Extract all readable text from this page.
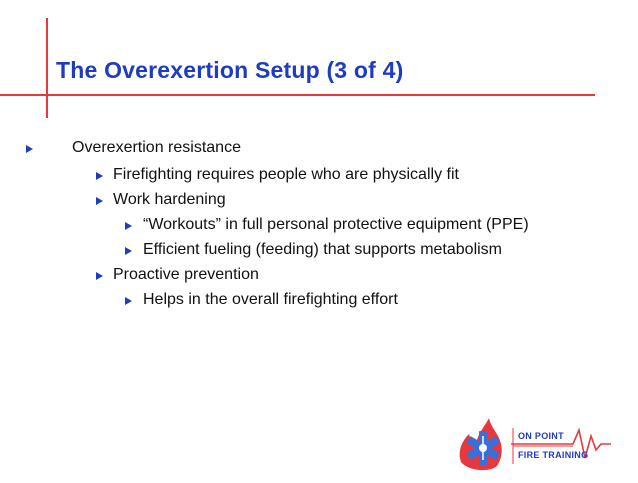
The Overexertion Setup (3 of 4)
Overexertion resistance
Firefighting requires people who are physically fit
Work hardening
“Workouts” in full personal protective equipment (PPE)
Efficient fueling (feeding) that supports metabolism
Proactive prevention
Helps in the overall firefighting effort
ON POINT
FIRE TRAINING
